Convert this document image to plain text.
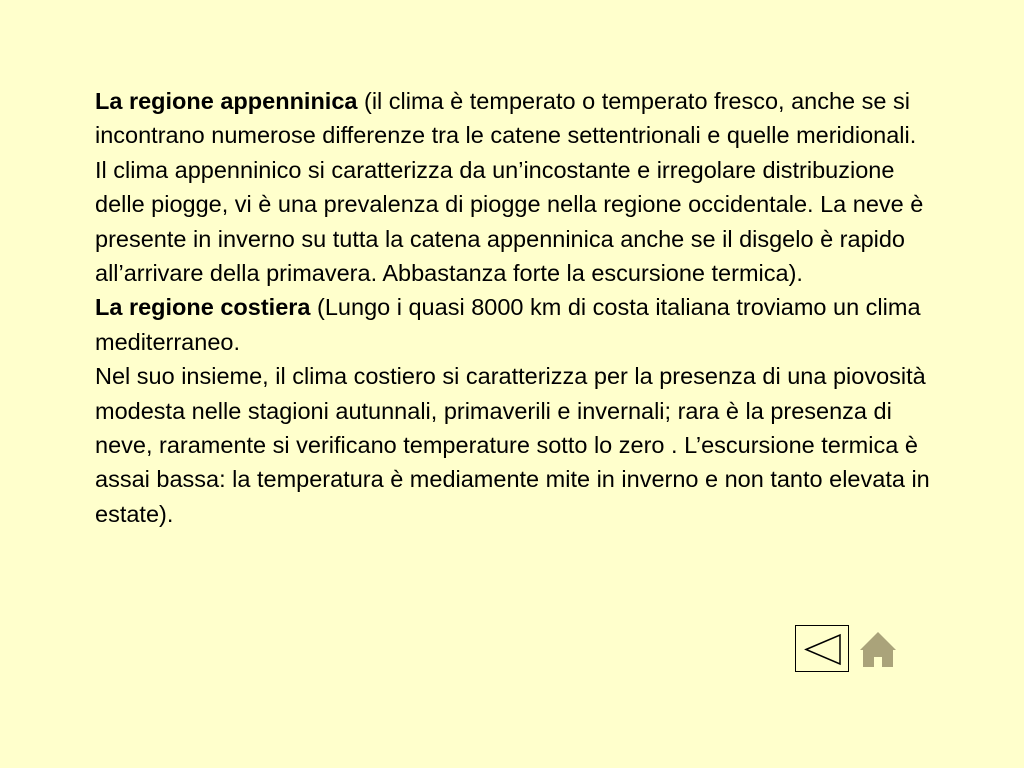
La regione appenninica (il clima è temperato o temperato fresco, anche se si incontrano numerose differenze tra le catene settentrionali e quelle meridionali.

Il clima appenninico si caratterizza da un’incostante e irregolare distribuzione delle piogge, vi è una prevalenza di piogge nella regione occidentale. La neve è presente in inverno su tutta la catena appenninica anche se il disgelo è rapido all’arrivare della primavera. Abbastanza forte la escursione termica).

La regione costiera (Lungo i quasi 8000 km di costa italiana troviamo un clima mediterraneo.

Nel suo insieme, il clima costiero si caratterizza per la presenza di una piovosità modesta nelle stagioni autunnali, primaverili e invernali; rara è la presenza di neve, raramente si verificano temperature sotto lo zero . L’escursione termica è assai bassa: la temperatura è mediamente mite in inverno e non tanto elevata in estate).
